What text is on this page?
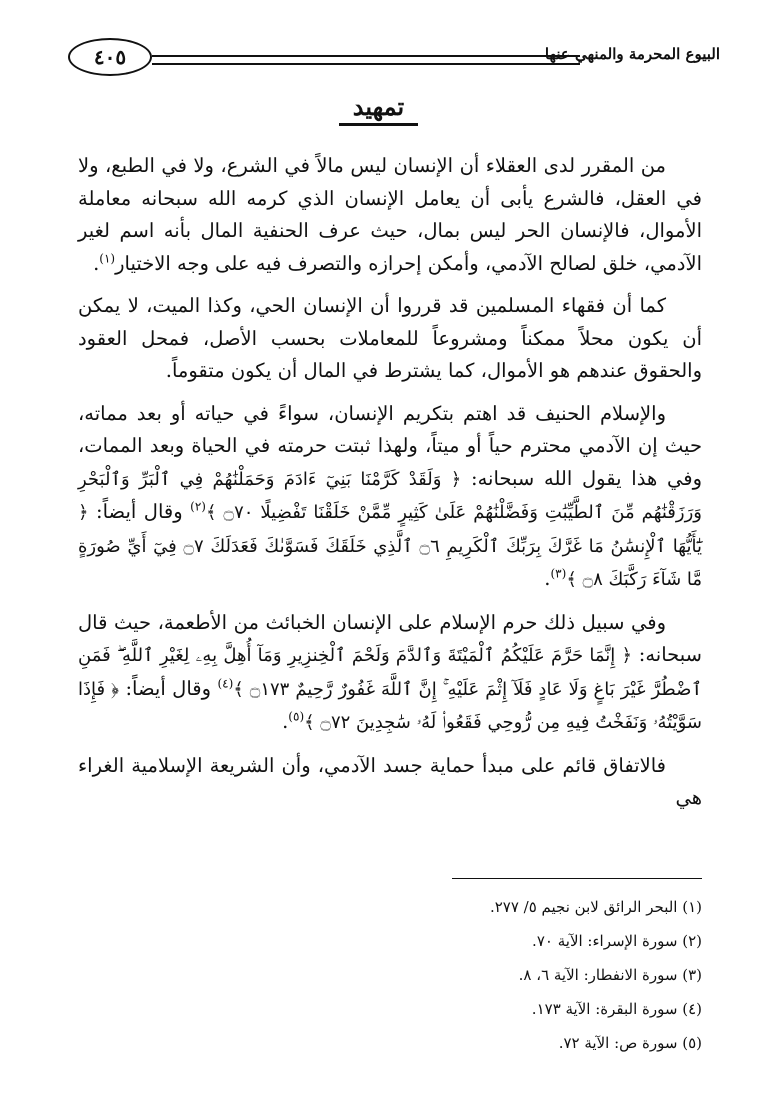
٤٠٥	البيوع المحرمة والمنهي عنها
تمهيد

من المقرر لدى العقلاء أن الإنسان ليس مالاً في الشرع، ولا في الطبع، ولا في العقل، فالشرع يأبى أن يعامل الإنسان الذي كرمه الله سبحانه معاملة الأموال، فالإنسان الحر ليس بمال، حيث عرف الحنفية المال بأنه اسم لغير الآدمي، خلق لصالح الآدمي، وأمكن إحرازه والتصرف فيه على وجه الاختيار$^{(١)}$.

كما أن فقهاء المسلمين قد قرروا أن الإنسان الحي، وكذا الميت، لا يمكن أن يكون محلاً ممكناً ومشروعاً للمعاملات بحسب الأصل، فمحل العقود والحقوق عندهم هو الأموال، كما يشترط في المال أن يكون متقوماً.

والإسلام الحنيف قد اهتم بتكريم الإنسان، سواءً في حياته أو بعد مماته، حيث إن الآدمي محترم حياً أو ميتاً، ولهذا ثبتت حرمته في الحياة وبعد الممات، وفي هذا يقول الله سبحانه: ﴿ وَلَقَدْ كَرَّمْنَا بَنِيٓ ءَادَمَ وَحَمَلْنَٰهُمْ فِي ٱلْبَرِّ وَٱلْبَحْرِ وَرَزَقْنَٰهُم مِّنَ ٱلطَّيِّبَٰتِ وَفَضَّلْنَٰهُمْ عَلَىٰ كَثِيرٍ مِّمَّنْ خَلَقْنَا تَفْضِيلًا ۝٧٠ ﴾$^{(٢)}$ وقال أيضاً: ﴿ يَٰٓأَيُّهَا ٱلْإِنسَٰنُ مَا غَرَّكَ بِرَبِّكَ ٱلْكَرِيمِ ۝٦ ٱلَّذِي خَلَقَكَ فَسَوَّىٰكَ فَعَدَلَكَ ۝٧ فِيٓ أَيِّ صُورَةٍ مَّا شَآءَ رَكَّبَكَ ۝٨ ﴾$^{(٣)}$.

وفي سبيل ذلك حرم الإسلام على الإنسان الخبائث من الأطعمة، حيث قال سبحانه: ﴿ إِنَّمَا حَرَّمَ عَلَيْكُمُ ٱلْمَيْتَةَ وَٱلدَّمَ وَلَحْمَ ٱلْخِنزِيرِ وَمَآ أُهِلَّ بِهِۦ لِغَيْرِ ٱللَّهِ ۖ فَمَنِ ٱضْطُرَّ غَيْرَ بَاغٍ وَلَا عَادٍ فَلَآ إِثْمَ عَلَيْهِ ۚ إِنَّ ٱللَّهَ غَفُورٌ رَّحِيمٌ ۝١٧٣ ﴾$^{(٤)}$ وقال أيضاً: ﴿ فَإِذَا سَوَّيْتُهُۥ وَنَفَخْتُ فِيهِ مِن رُّوحِي فَقَعُوا۟ لَهُۥ سَٰجِدِينَ ۝٧٢ ﴾$^{(٥)}$.

فالاتفاق قائم على مبدأ حماية جسد الآدمي، وأن الشريعة الإسلامية الغراء هي

(١) البحر الرائق لابن نجيم ٥/ ٢٧٧.
(٢) سورة الإسراء: الآية ٧٠.
(٣) سورة الانفطار: الآية ٦، ٨.
(٤) سورة البقرة: الآية ١٧٣.
(٥) سورة ص: الآية ٧٢.
